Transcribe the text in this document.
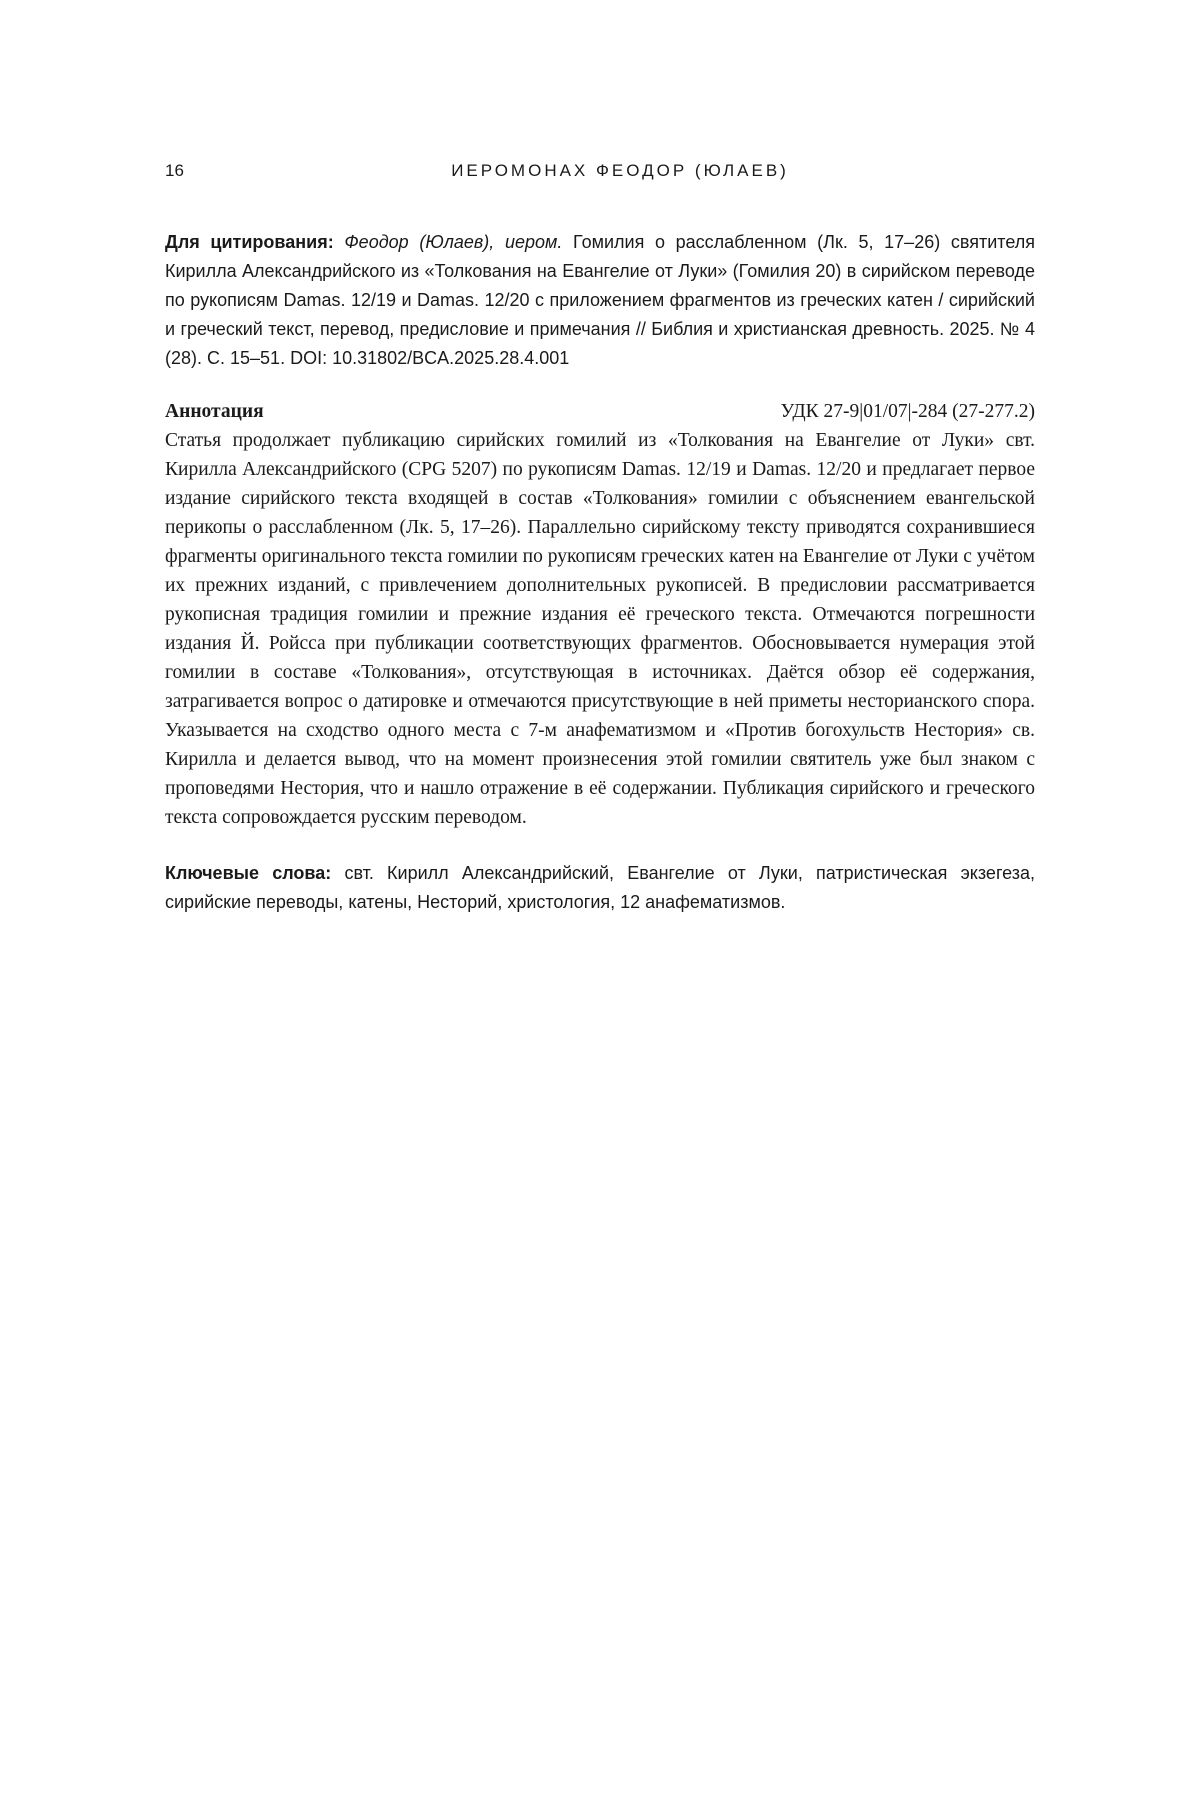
16	ИЕРОМОНАХ ФЕОДОР (ЮЛАЕВ)
Для цитирования: Феодор (Юлаев), иером. Гомилия о расслабленном (Лк. 5, 17–26) святителя Кирилла Александрийского из «Толкования на Евангелие от Луки» (Гомилия 20) в сирийском переводе по рукописям Damas. 12/19 и Damas. 12/20 с приложением фрагментов из греческих катен / сирийский и греческий текст, перевод, предисловие и примечания // Библия и христианская древность. 2025. № 4 (28). С. 15–51. DOI: 10.31802/BCA.2025.28.4.001
Аннотация	УДК 27-9|01/07|-284 (27-277.2)
Статья продолжает публикацию сирийских гомилий из «Толкования на Евангелие от Луки» свт. Кирилла Александрийского (CPG 5207) по рукописям Damas. 12/19 и Damas. 12/20 и предлагает первое издание сирийского текста входящей в состав «Толкования» гомилии с объяснением евангельской перикопы о расслабленном (Лк. 5, 17–26). Параллельно сирийскому тексту приводятся сохранившиеся фрагменты оригинального текста гомилии по рукописям греческих катен на Евангелие от Луки с учётом их прежних изданий, с привлечением дополнительных рукописей. В предисловии рассматривается рукописная традиция гомилии и прежние издания её греческого текста. Отмечаются погрешности издания Й. Ройсса при публикации соответствующих фрагментов. Обосновывается нумерация этой гомилии в составе «Толкования», отсутствующая в источниках. Даётся обзор её содержания, затрагивается вопрос о датировке и отмечаются присутствующие в ней приметы несторианского спора. Указывается на сходство одного места с 7-м анафематизмом и «Против богохульств Нестория» св. Кирилла и делается вывод, что на момент произнесения этой гомилии святитель уже был знаком с проповедями Нестория, что и нашло отражение в её содержании. Публикация сирийского и греческого текста сопровождается русским переводом.
Ключевые слова: свт. Кирилл Александрийский, Евангелие от Луки, патристическая экзегеза, сирийские переводы, катены, Несторий, христология, 12 анафематизмов.
